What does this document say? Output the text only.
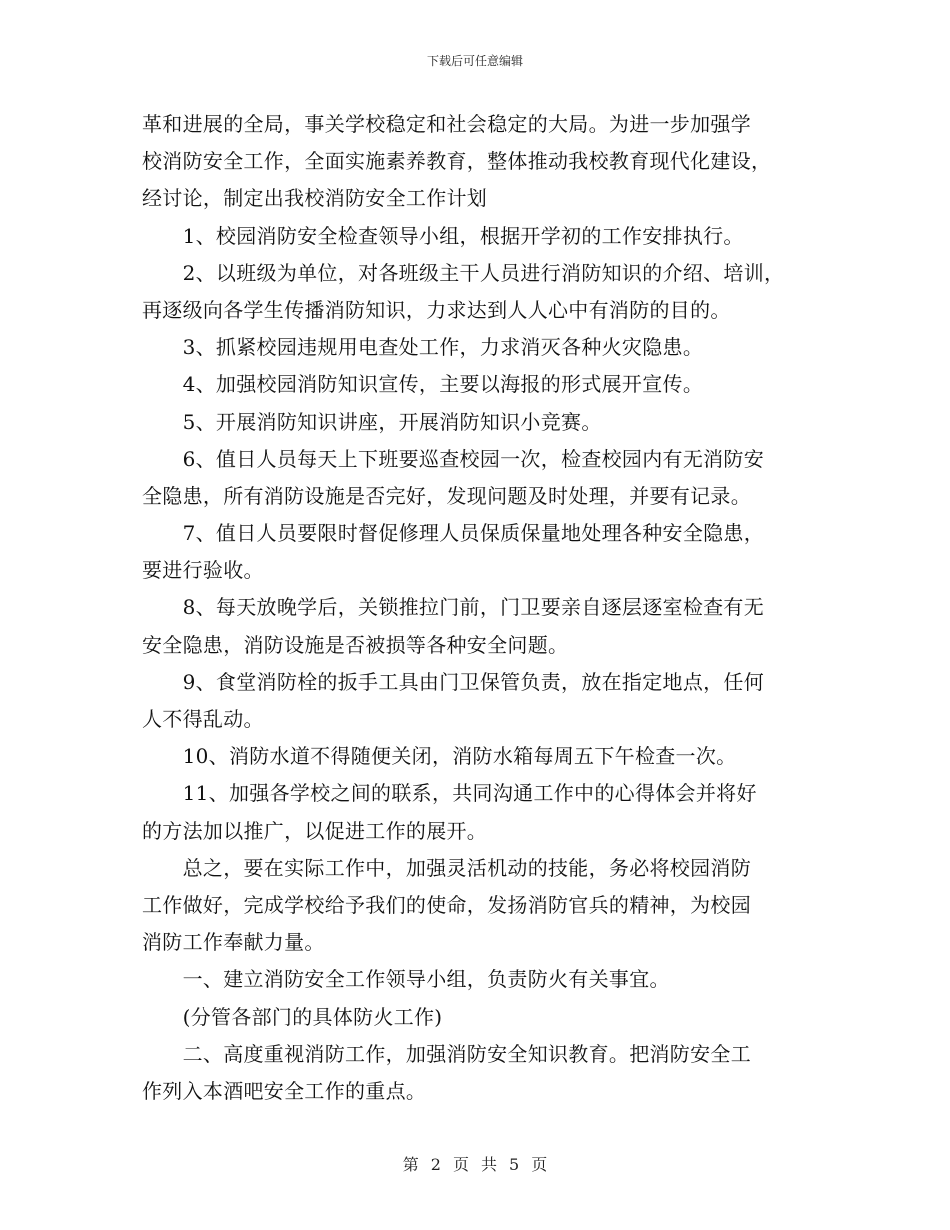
下载后可任意编辑
革和进展的全局，事关学校稳定和社会稳定的大局。为进一步加强学
校消防安全工作，全面实施素养教育，整体推动我校教育现代化建设，
经讨论，制定出我校消防安全工作计划
　　1、校园消防安全检查领导小组，根据开学初的工作安排执行。
　　2、以班级为单位，对各班级主干人员进行消防知识的介绍、培训，
再逐级向各学生传播消防知识，力求达到人人心中有消防的目的。
　　3、抓紧校园违规用电查处工作，力求消灭各种火灾隐患。
　　4、加强校园消防知识宣传，主要以海报的形式展开宣传。
　　5、开展消防知识讲座，开展消防知识小竞赛。
　　6、值日人员每天上下班要巡查校园一次，检查校园内有无消防安
全隐患，所有消防设施是否完好，发现问题及时处理，并要有记录。
　　7、值日人员要限时督促修理人员保质保量地处理各种安全隐患，
要进行验收。
　　8、每天放晚学后，关锁推拉门前，门卫要亲自逐层逐室检查有无
安全隐患，消防设施是否被损等各种安全问题。
　　9、食堂消防栓的扳手工具由门卫保管负责，放在指定地点，任何
人不得乱动。
　　10、消防水道不得随便关闭，消防水箱每周五下午检查一次。
　　11、加强各学校之间的联系，共同沟通工作中的心得体会并将好
的方法加以推广，以促进工作的展开。
　　总之，要在实际工作中，加强灵活机动的技能，务必将校园消防
工作做好，完成学校给予我们的使命，发扬消防官兵的精神，为校园
消防工作奉献力量。
　　一、建立消防安全工作领导小组，负责防火有关事宜。
　　(分管各部门的具体防火工作)
　　二、高度重视消防工作，加强消防安全知识教育。把消防安全工
作列入本酒吧安全工作的重点。
第 2 页 共 5 页
